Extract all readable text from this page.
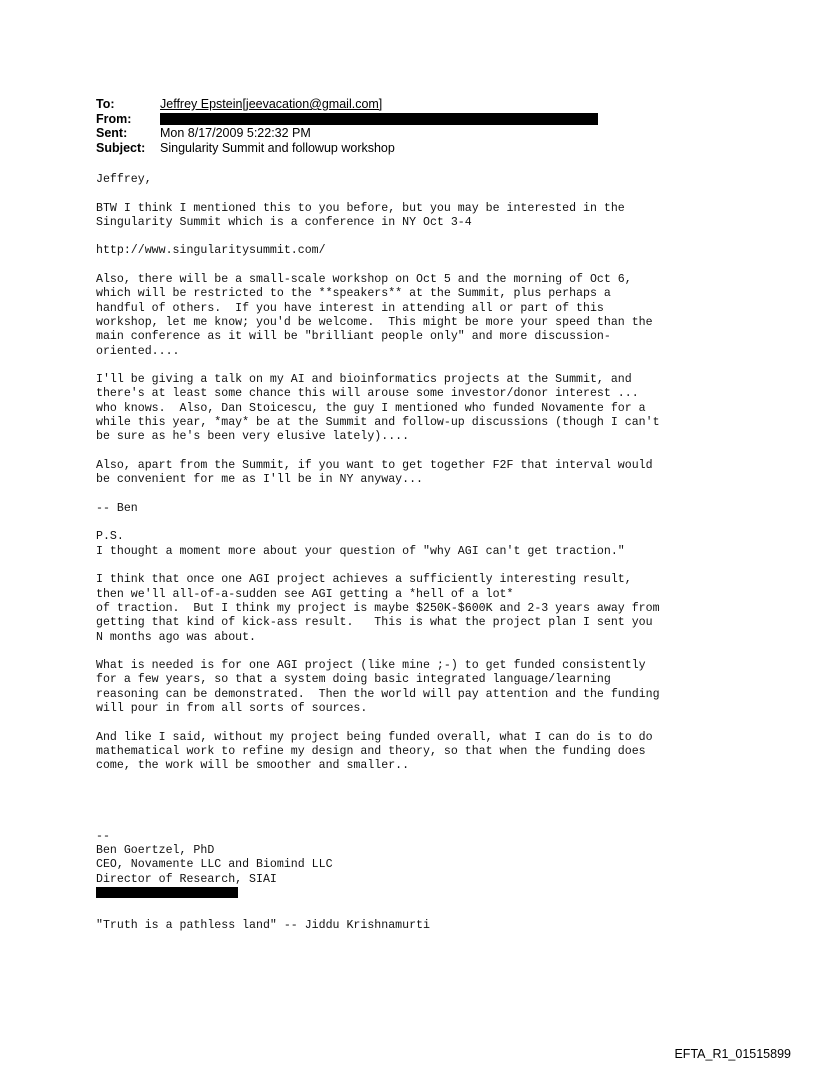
To:	Jeffrey Epstein[jeevacation@gmail.com]
From:
Sent:	Mon 8/17/2009 5:22:32 PM
Subject: Singularity Summit and followup workshop

Jeffrey,

BTW I think I mentioned this to you before, but you may be interested in the
Singularity Summit which is a conference in NY Oct 3-4

http://www.singularitysummit.com/

Also, there will be a small-scale workshop on Oct 5 and the morning of Oct 6,
which will be restricted to the **speakers** at the Summit, plus perhaps a
handful of others.  If you have interest in attending all or part of this
workshop, let me know; you'd be welcome.  This might be more your speed than the
main conference as it will be "brilliant people only" and more discussion-
oriented....

I'll be giving a talk on my AI and bioinformatics projects at the Summit, and
there's at least some chance this will arouse some investor/donor interest ...
who knows.  Also, Dan Stoicescu, the guy I mentioned who funded Novamente for a
while this year, *may* be at the Summit and follow-up discussions (though I can't
be sure as he's been very elusive lately)....

Also, apart from the Summit, if you want to get together F2F that interval would
be convenient for me as I'll be in NY anyway...

-- Ben

P.S.
I thought a moment more about your question of "why AGI can't get traction."

I think that once one AGI project achieves a sufficiently interesting result,
then we'll all-of-a-sudden see AGI getting a *hell of a lot*
of traction.  But I think my project is maybe $250K-$600K and 2-3 years away from
getting that kind of kick-ass result.   This is what the project plan I sent you
N months ago was about.

What is needed is for one AGI project (like mine ;-) to get funded consistently
for a few years, so that a system doing basic integrated language/learning
reasoning can be demonstrated.  Then the world will pay attention and the funding
will pour in from all sorts of sources.

And like I said, without my project being funded overall, what I can do is to do
mathematical work to refine my design and theory, so that when the funding does
come, the work will be smoother and smaller..

--

Ben Goertzel, PhD

CEO, Novamente LLC and Biomind LLC

Director of Research, SIAI

"Truth is a pathless land" -- Jiddu Krishnamurti

EFTA_R1_01515899
